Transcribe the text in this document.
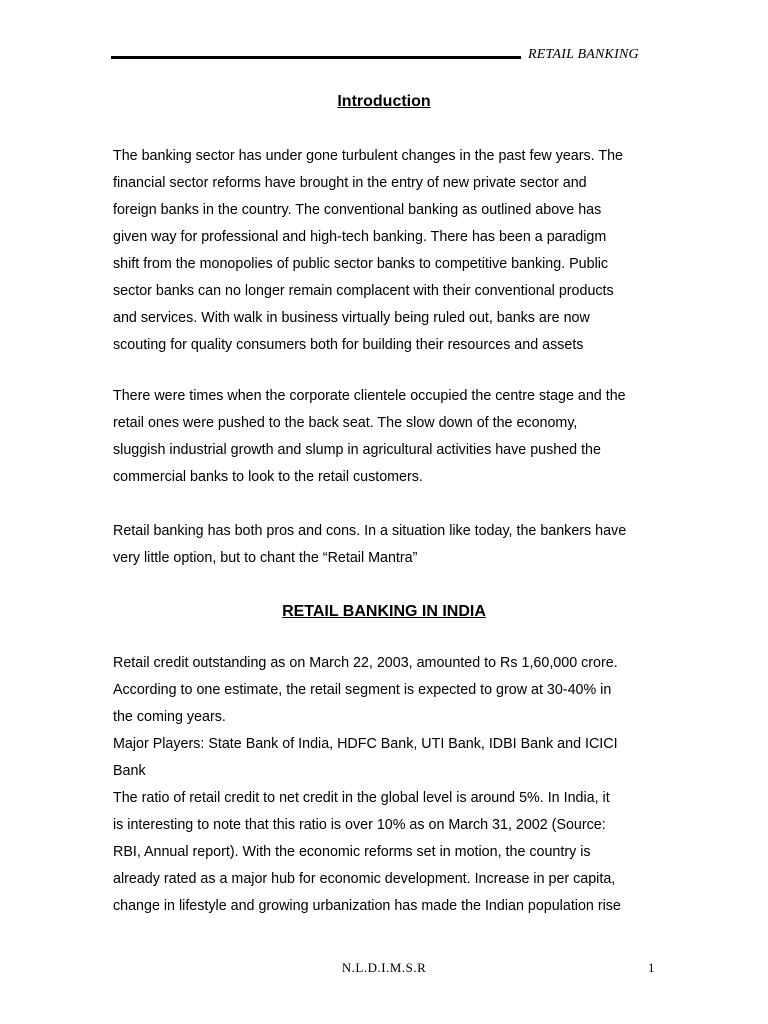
RETAIL BANKING
Introduction

The banking sector has under gone turbulent changes in the past few years. The
financial sector reforms have brought in the entry of new private sector and
foreign banks in the country. The conventional banking as outlined above has
given way for professional and high-tech banking. There has been a paradigm
shift from the monopolies of public sector banks to competitive banking. Public
sector banks can no longer remain complacent with their conventional products
and services. With walk in business virtually being ruled out, banks are now
scouting for quality consumers both for building their resources and assets

There were times when the corporate clientele occupied the centre stage and the
retail ones were pushed to the back seat. The slow down of the economy,
sluggish industrial growth and slump in agricultural activities have pushed the
commercial banks to look to the retail customers.

Retail banking has both pros and cons. In a situation like today, the bankers have
very little option, but to chant the “Retail Mantra”

RETAIL BANKING IN INDIA

Retail credit outstanding as on March 22, 2003, amounted to Rs 1,60,000 crore.
According to one estimate, the retail segment is expected to grow at 30-40% in
the coming years.
Major Players: State Bank of India, HDFC Bank, UTI Bank, IDBI Bank and ICICI
Bank
The ratio of retail credit to net credit in the global level is around 5%. In India, it
is interesting to note that this ratio is over 10% as on March 31, 2002 (Source:
RBI, Annual report). With the economic reforms set in motion, the country is
already rated as a major hub for economic development. Increase in per capita,
change in lifestyle and growing urbanization has made the Indian population rise

N.L.D.I.M.S.R	1
